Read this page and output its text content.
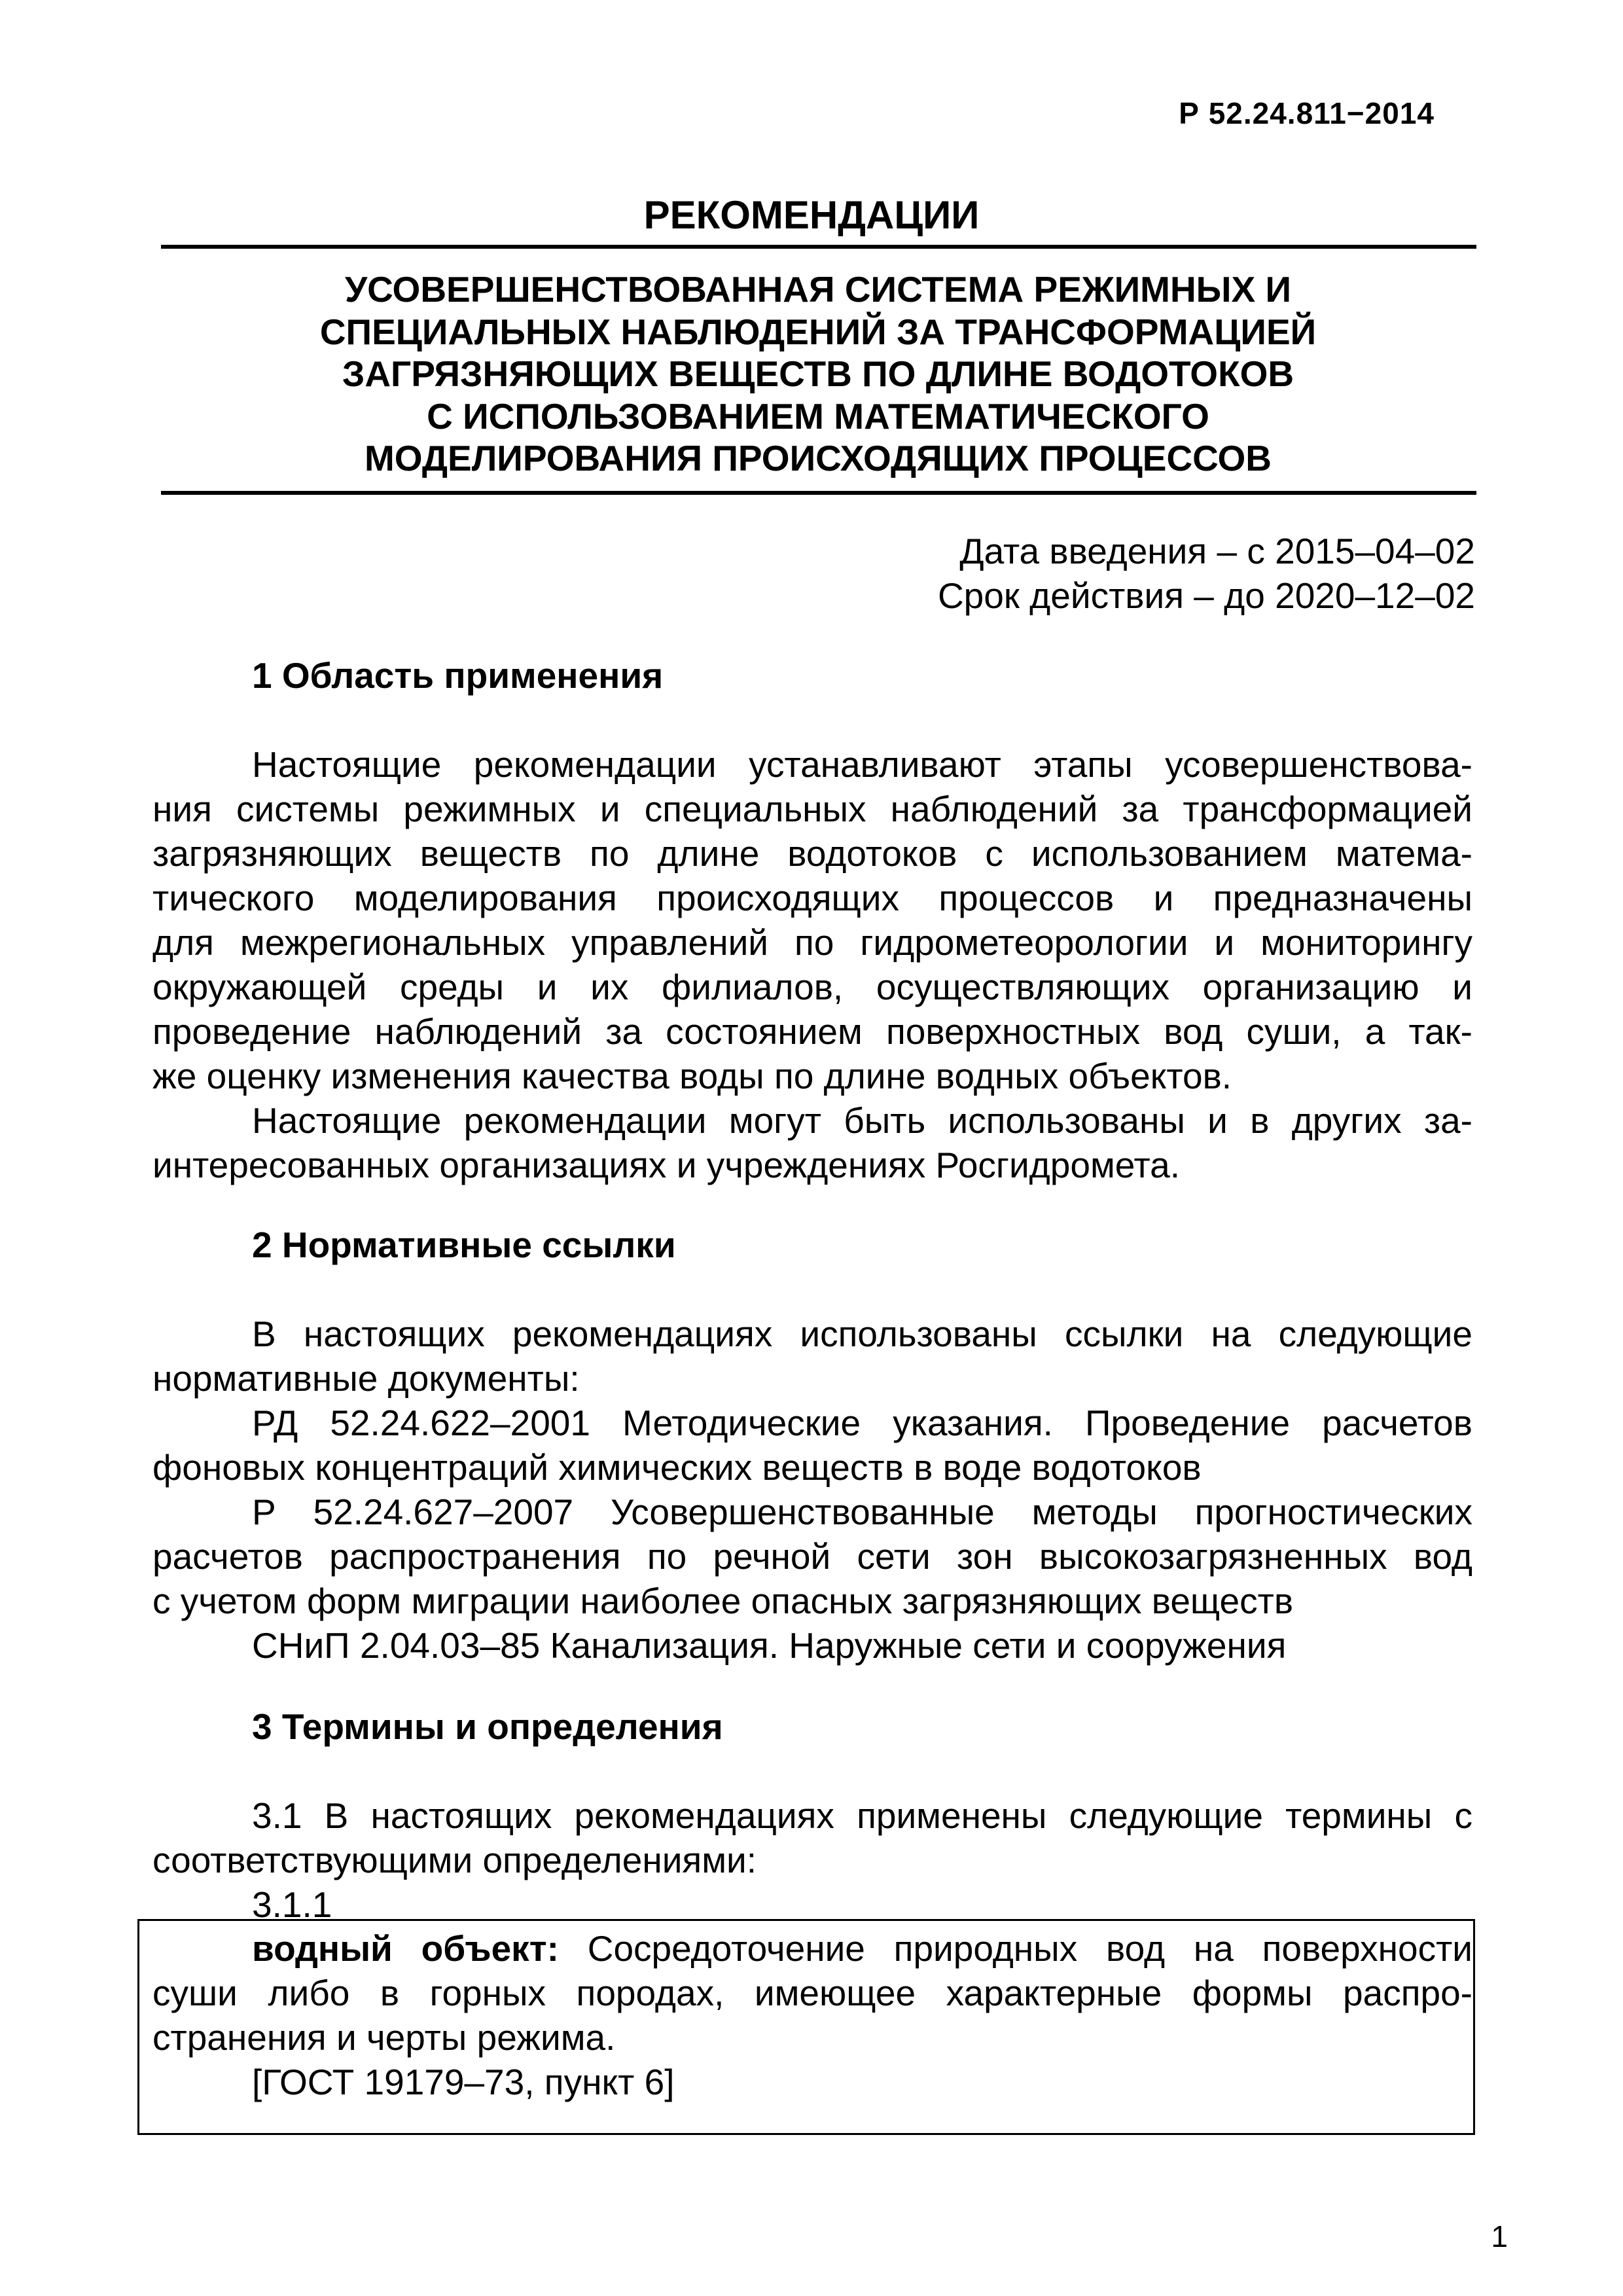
Р 52.24.811−2014
РЕКОМЕНДАЦИИ
УСОВЕРШЕНСТВОВАННАЯ СИСТЕМА РЕЖИМНЫХ И
СПЕЦИАЛЬНЫХ НАБЛЮДЕНИЙ ЗА ТРАНСФОРМАЦИЕЙ
ЗАГРЯЗНЯЮЩИХ ВЕЩЕСТВ ПО ДЛИНЕ ВОДОТОКОВ
С ИСПОЛЬЗОВАНИЕМ МАТЕМАТИЧЕСКОГО
МОДЕЛИРОВАНИЯ ПРОИСХОДЯЩИХ ПРОЦЕССОВ
Дата введения – с 2015–04–02
Срок действия – до 2020–12–02
1 Область применения
Настоящие рекомендации устанавливают этапы усовершенствова-
ния системы режимных и специальных наблюдений за трансформацией
загрязняющих веществ по длине водотоков с использованием матема-
тического моделирования происходящих процессов и предназначены
для межрегиональных управлений по гидрометеорологии и мониторингу
окружающей среды и их филиалов, осуществляющих организацию и
проведение наблюдений за состоянием поверхностных вод суши, а так-
же оценку изменения качества воды по длине водных объектов.
Настоящие рекомендации могут быть использованы и в других за-
интересованных организациях и учреждениях Росгидромета.
2 Нормативные ссылки
В настоящих рекомендациях использованы ссылки на следующие
нормативные документы:
РД 52.24.622–2001 Методические указания. Проведение расчетов
фоновых концентраций химических веществ в воде водотоков
Р 52.24.627–2007 Усовершенствованные методы прогностических
расчетов распространения по речной сети зон высокозагрязненных вод
с учетом форм миграции наиболее опасных загрязняющих веществ
СНиП 2.04.03–85 Канализация. Наружные сети и сооружения
3 Термины и определения
3.1 В настоящих рекомендациях применены следующие термины с
соответствующими определениями:
3.1.1
водный объект: Сосредоточение природных вод на поверхности
суши либо в горных породах, имеющее характерные формы распро-
странения и черты режима.
[ГОСТ 19179–73, пункт 6]
1
